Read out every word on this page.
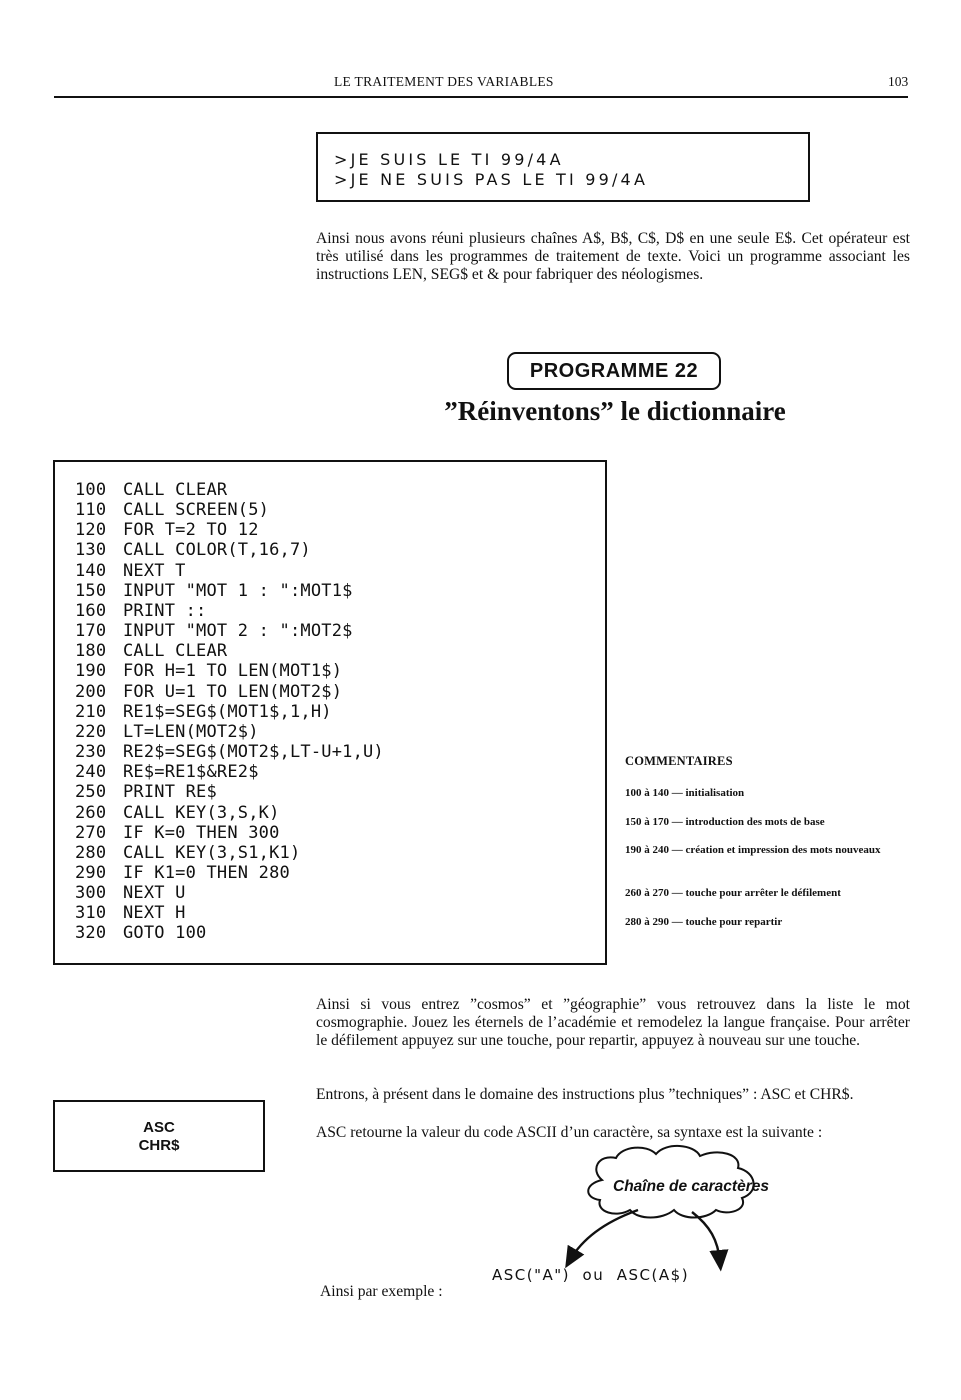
LE TRAITEMENT DES VARIABLES	103
>JE SUIS LE TI 99/4A
>JE NE SUIS PAS LE TI 99/4A
Ainsi nous avons réuni plusieurs chaînes A$, B$, C$, D$ en une seule E$. Cet opérateur est très utilisé dans les programmes de traitement de texte. Voici un programme associant les instructions LEN, SEG$ et & pour fabriquer des néologismes.
PROGRAMME 22
”Réinventons” le dictionnaire
100 CALL CLEAR
110 CALL SCREEN(5)
120 FOR T=2 TO 12
130 CALL COLOR(T,16,7)
140 NEXT T
150 INPUT "MOT 1 : ":MOT1$
160 PRINT ::
170 INPUT "MOT 2 : ":MOT2$
180 CALL CLEAR
190 FOR H=1 TO LEN(MOT1$)
200 FOR U=1 TO LEN(MOT2$)
210 RE1$=SEG$(MOT1$,1,H)
220 LT=LEN(MOT2$)
230 RE2$=SEG$(MOT2$,LT-U+1,U)
240 RE$=RE1$&RE2$
250 PRINT RE$
260 CALL KEY(3,S,K)
270 IF K=0 THEN 300
280 CALL KEY(3,S1,K1)
290 IF K1=0 THEN 280
300 NEXT U
310 NEXT H
320 GOTO 100
COMMENTAIRES
100 à 140 — initialisation
150 à 170 — introduction des mots de base
190 à 240 — création et impression des mots nouveaux
260 à 270 — touche pour arrêter le défilement
280 à 290 — touche pour repartir
Ainsi si vous entrez ”cosmos” et ”géographie” vous retrouvez dans la liste le mot cosmographie. Jouez les éternels de l’académie et remodelez la langue française. Pour arrêter le défilement appuyez sur une touche, pour repartir, appuyez à nouveau sur une touche.
Entrons, à présent dans le domaine des instructions plus ”techniques” : ASC et CHR$.
ASC retourne la valeur du code ASCII d’un caractère, sa syntaxe est la suivante :
ASC
CHR$
Chaîne de caractères
ASC("A")  ou  ASC(A$)
Ainsi par exemple :
